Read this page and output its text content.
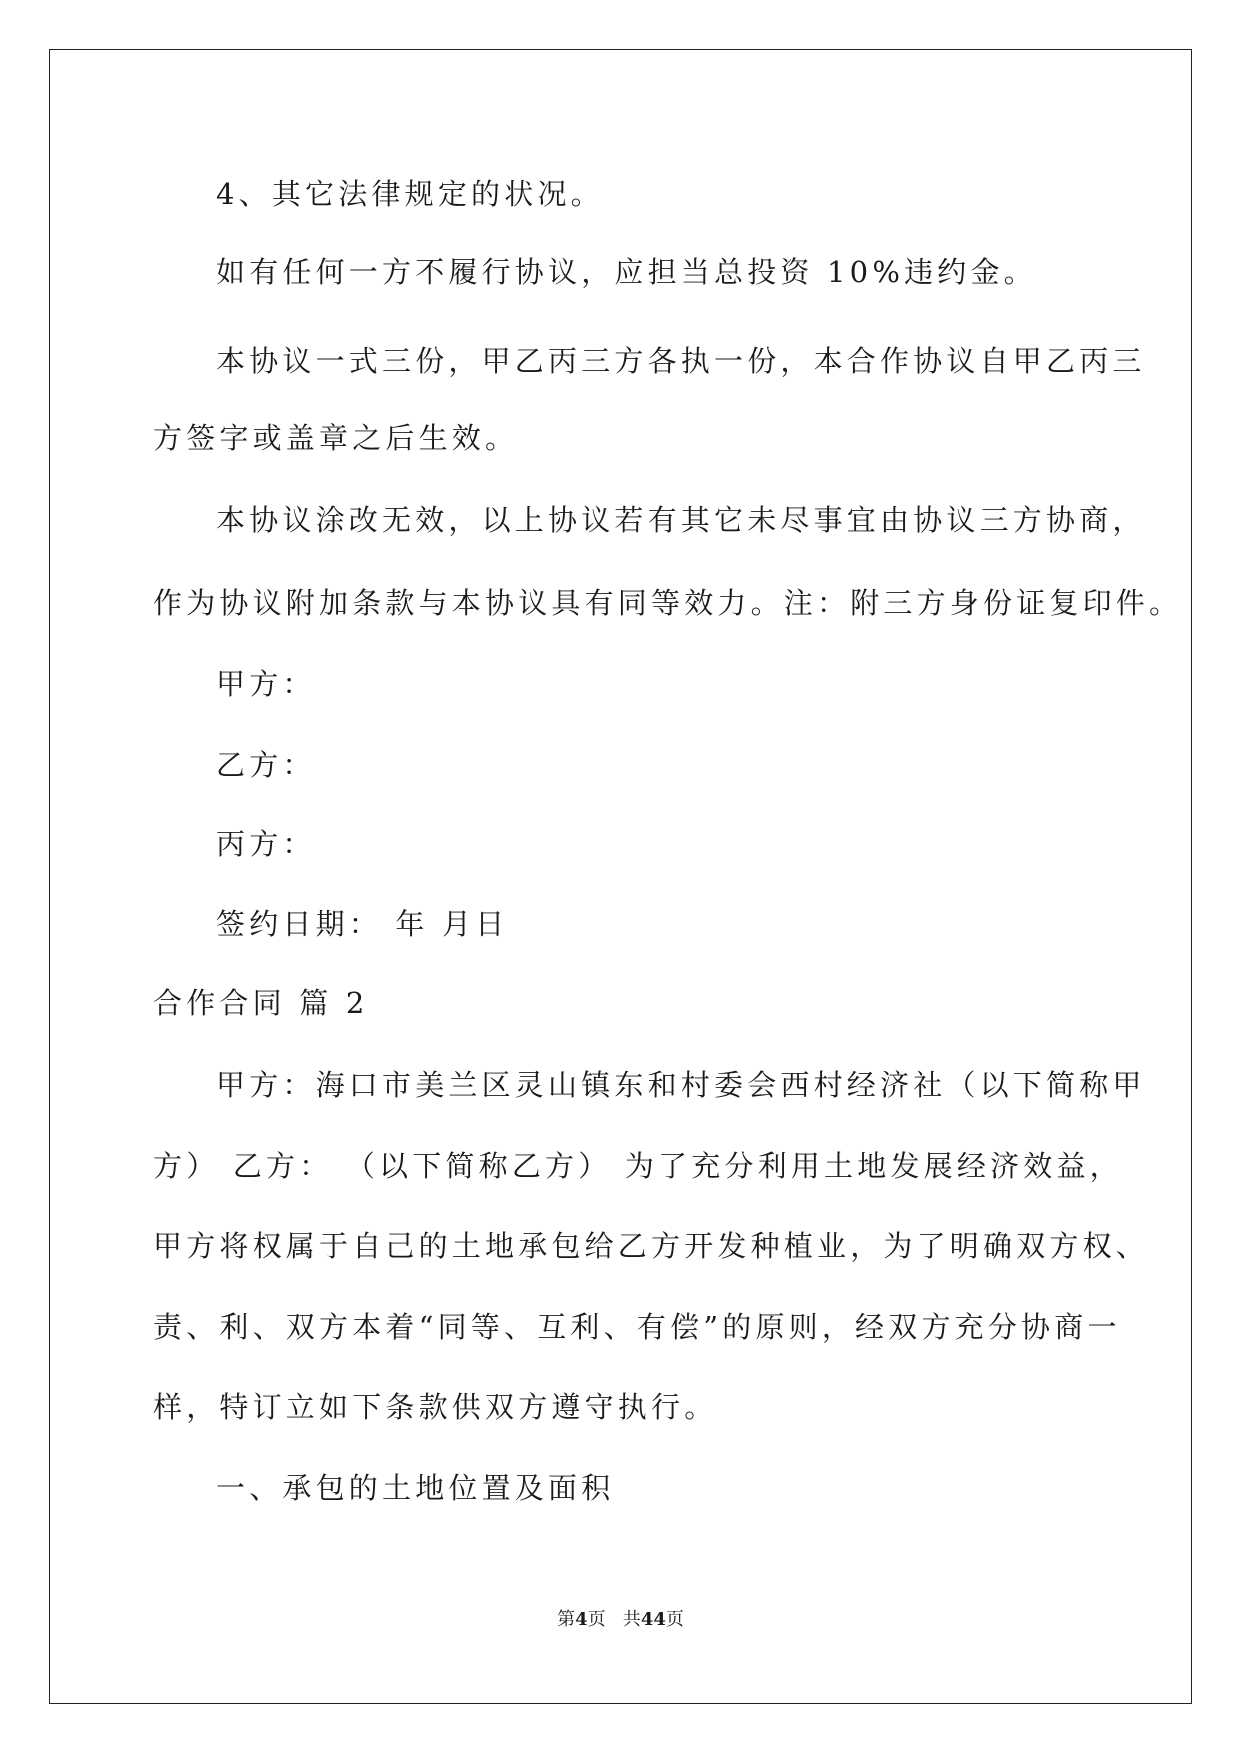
4、其它法律规定的状况。
如有任何一方不履行协议，应担当总投资 10%违约金。
本协议一式三份，甲乙丙三方各执一份，本合作协议自甲乙丙三
方签字或盖章之后生效。
本协议涂改无效，以上协议若有其它未尽事宜由协议三方协商，
作为协议附加条款与本协议具有同等效力。注：附三方身份证复印件。
甲方：
乙方：
丙方：
签约日期： 年 月日
合作合同 篇 2
甲方：海口市美兰区灵山镇东和村委会西村经济社（以下简称甲
方） 乙方： （以下简称乙方） 为了充分利用土地发展经济效益，
甲方将权属于自己的土地承包给乙方开发种植业，为了明确双方权、
责、利、双方本着“同等、互利、有偿”的原则，经双方充分协商一
样，特订立如下条款供双方遵守执行。
一、承包的土地位置及面积
第4页 共44页
